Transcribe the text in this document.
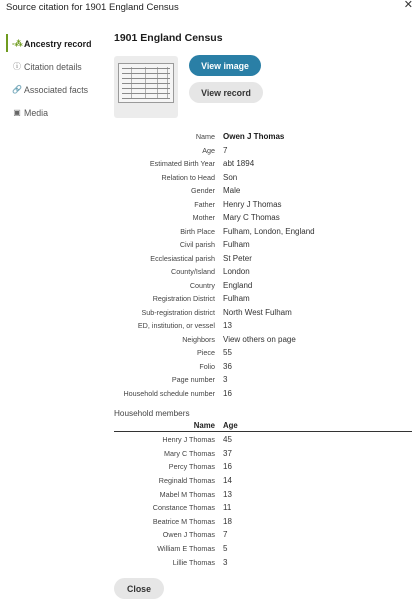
Source citation for 1901 England Census	✕
-⁂ Ancestry record
ⓘ Citation details
🔗 Associated facts
▣ Media
1901 England Census
View image
View record
Name	Owen J Thomas
Age	7
Estimated Birth Year	abt 1894
Relation to Head	Son
Gender	Male
Father	Henry J Thomas
Mother	Mary C Thomas
Birth Place	Fulham, London, England
Civil parish	Fulham
Ecclesiastical parish	St Peter
County/Island	London
Country	England
Registration District	Fulham
Sub-registration district	North West Fulham
ED, institution, or vessel	13
Neighbors	View others on page
Piece	55
Folio	36
Page number	3
Household schedule number	16
Household members
Name	Age
Henry J Thomas	45
Mary C Thomas	37
Percy Thomas	16
Reginald Thomas	14
Mabel M Thomas	13
Constance Thomas	11
Beatrice M Thomas	18
Owen J Thomas	7
William E Thomas	5
Lillie Thomas	3
Close
